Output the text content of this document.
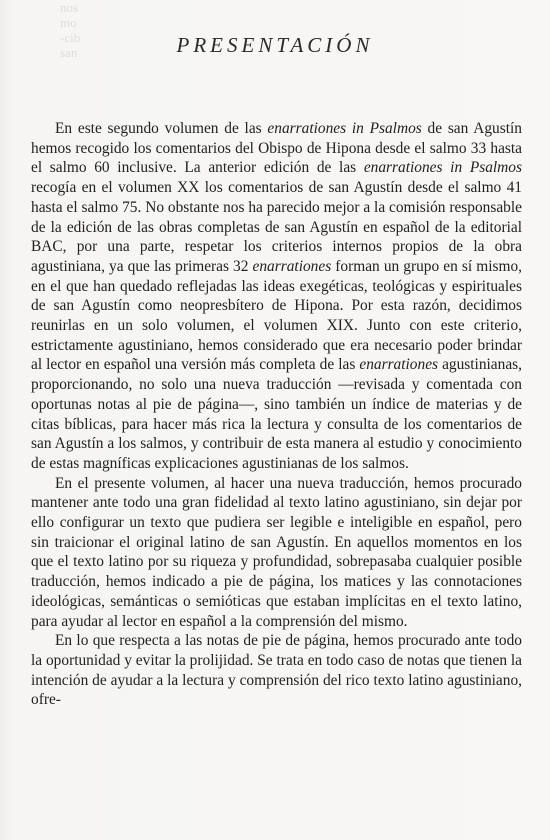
nos
mo
-cib
san	PRESENTACIÓN

En este segundo volumen de las enarrationes in Psalmos de san Agustín hemos recogido los comentarios del Obispo de Hipona desde el salmo 33 hasta el salmo 60 inclusive. La anterior edición de las enarrationes in Psalmos recogía en el volumen XX los comentarios de san Agustín desde el salmo 41 hasta el salmo 75. No obstante nos ha parecido mejor a la comisión responsable de la edición de las obras completas de san Agustín en español de la editorial BAC, por una parte, respetar los criterios internos propios de la obra agustiniana, ya que las primeras 32 enarrationes forman un grupo en sí mismo, en el que han quedado reflejadas las ideas exegéticas, teológicas y espirituales de san Agustín como neopresbítero de Hipona. Por esta razón, decidimos reunirlas en un solo volumen, el volumen XIX. Junto con este criterio, estrictamente agustiniano, hemos considerado que era necesario poder brindar al lector en español una versión más completa de las enarrationes agustinianas, proporcionando, no solo una nueva traducción —revisada y comentada con oportunas notas al pie de página—, sino también un índice de materias y de citas bíblicas, para hacer más rica la lectura y consulta de los comentarios de san Agustín a los salmos, y contribuir de esta manera al estudio y conocimiento de estas magníficas explicaciones agustinianas de los salmos.

En el presente volumen, al hacer una nueva traducción, hemos procurado mantener ante todo una gran fidelidad al texto latino agustiniano, sin dejar por ello configurar un texto que pudiera ser legible e inteligible en español, pero sin traicionar el original latino de san Agustín. En aquellos momentos en los que el texto latino por su riqueza y profundidad, sobrepasaba cualquier posible traducción, hemos indicado a pie de página, los matices y las connotaciones ideológicas, semánticas o semióticas que estaban implícitas en el texto latino, para ayudar al lector en español a la comprensión del mismo.

En lo que respecta a las notas de pie de página, hemos procurado ante todo la oportunidad y evitar la prolijidad. Se trata en todo caso de notas que tienen la intención de ayudar a la lectura y comprensión del rico texto latino agustiniano, ofre-
